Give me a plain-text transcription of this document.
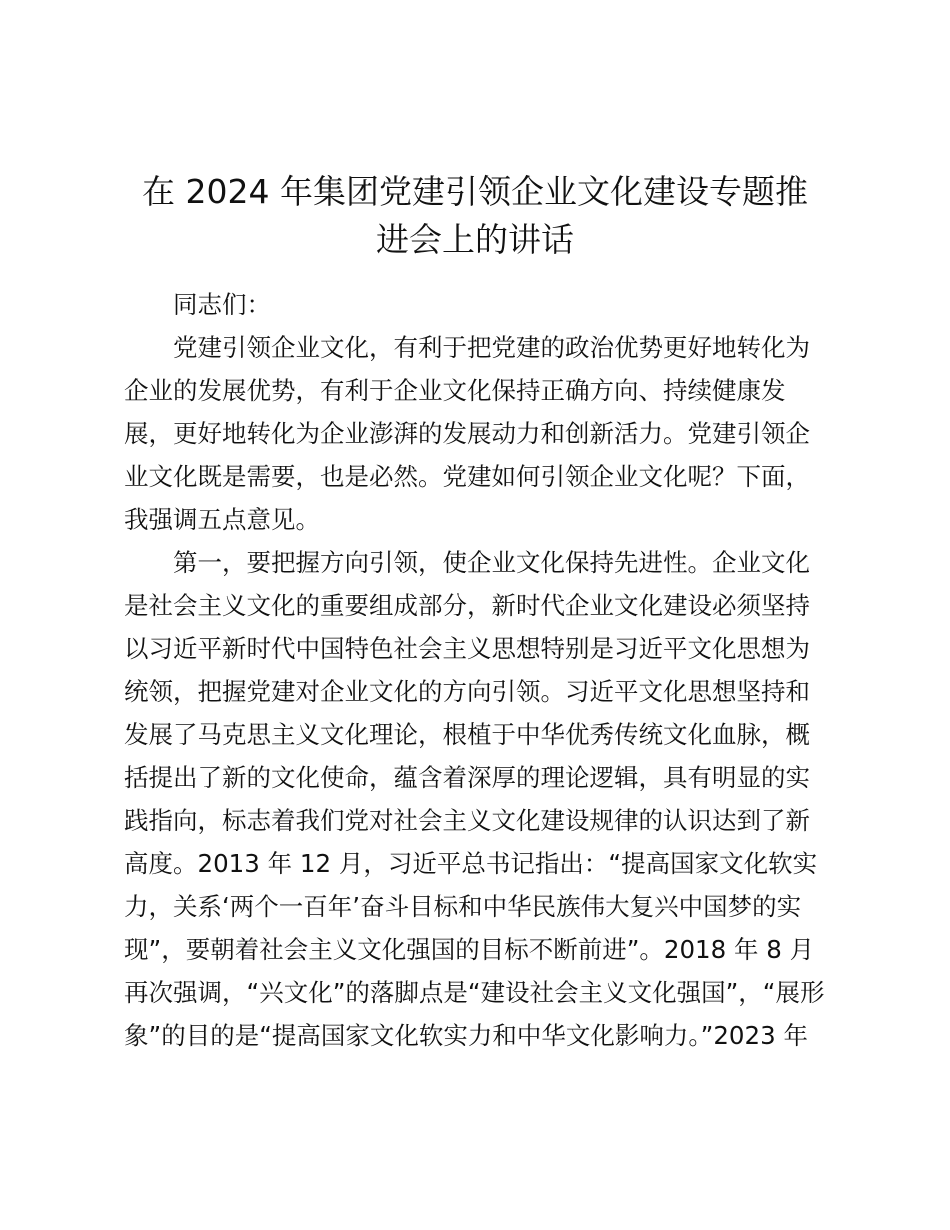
在 2024 年集团党建引领企业文化建设专题推
进会上的讲话
同志们：
党建引领企业文化，有利于把党建的政治优势更好地转化为
企业的发展优势，有利于企业文化保持正确方向、持续健康发
展，更好地转化为企业澎湃的发展动力和创新活力。党建引领企
业文化既是需要，也是必然。党建如何引领企业文化呢？下面，
我强调五点意见。
第一，要把握方向引领，使企业文化保持先进性。企业文化
是社会主义文化的重要组成部分，新时代企业文化建设必须坚持
以习近平新时代中国特色社会主义思想特别是习近平文化思想为
统领，把握党建对企业文化的方向引领。习近平文化思想坚持和
发展了马克思主义文化理论，根植于中华优秀传统文化血脉，概
括提出了新的文化使命，蕴含着深厚的理论逻辑，具有明显的实
践指向，标志着我们党对社会主义文化建设规律的认识达到了新
高度。2013 年 12 月，习近平总书记指出：“提高国家文化软实
力，关系‘两个一百年’奋斗目标和中华民族伟大复兴中国梦的实
现”，要朝着社会主义文化强国的目标不断前进”。2018 年 8 月
再次强调，“兴文化”的落脚点是“建设社会主义文化强国”，“展形
象”的目的是“提高国家文化软实力和中华文化影响力。”2023 年
